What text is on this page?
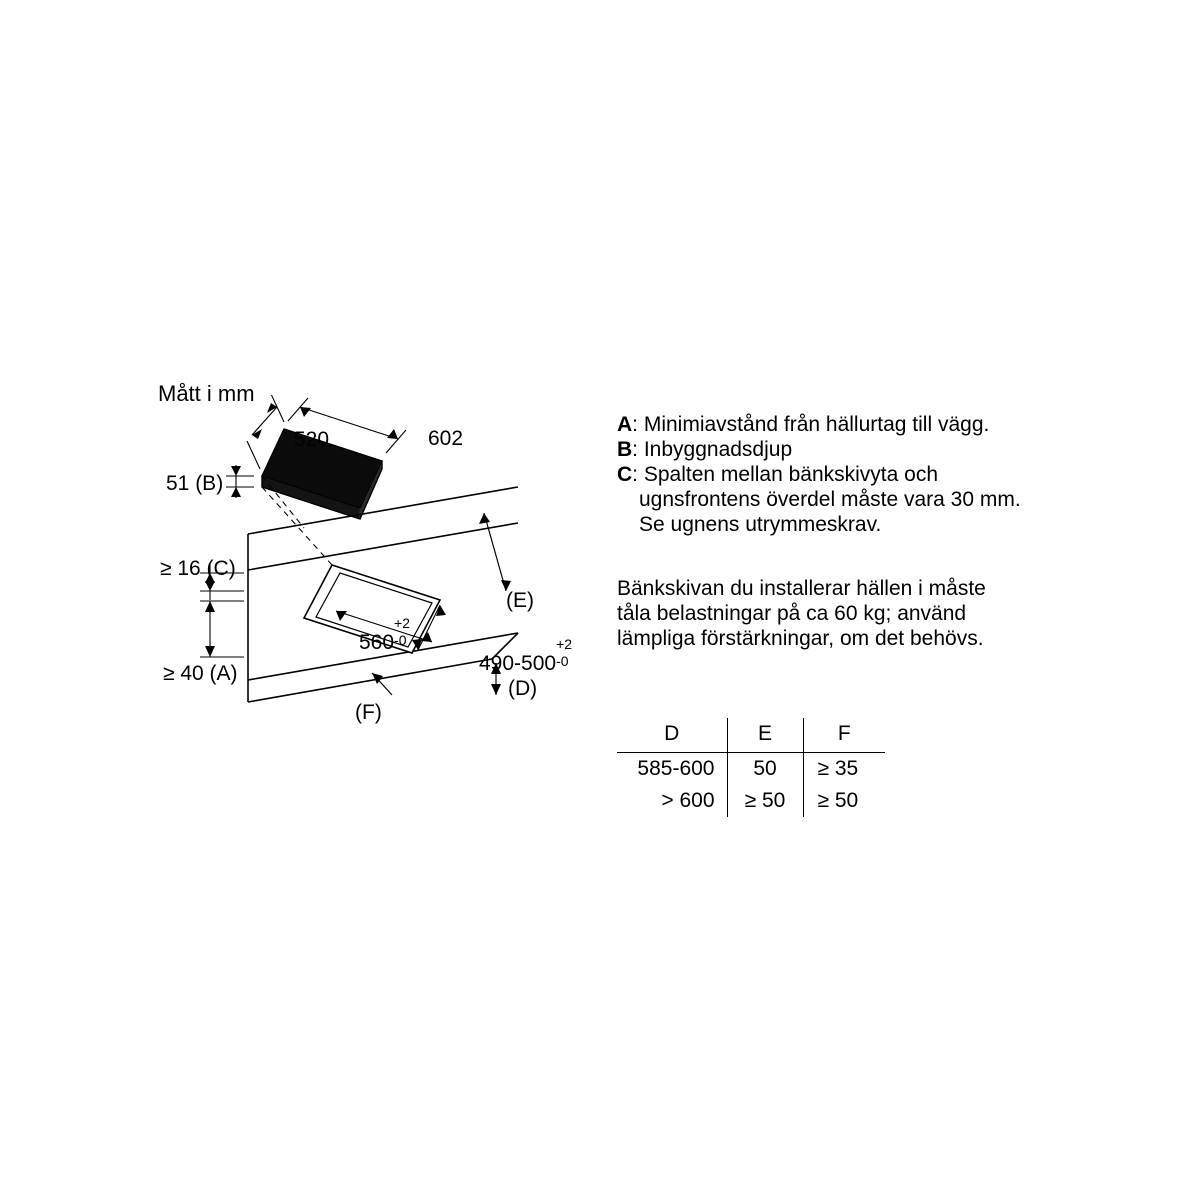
Mått i mm
520	602
51 (B)
≥ 16 (C)
≥ 40 (A)
560
+2
-0
490-500
+2
-0
(E)
(D)
(F)
A: Minimiavstånd från hällurtag till vägg.
B: Inbyggnadsdjup
C: Spalten mellan bänkskivyta och
ugnsfrontens överdel måste vara 30 mm.
Se ugnens utrymmeskrav.
Bänkskivan du installerar hällen i måste
tåla belastningar på ca 60 kg; använd
lämpliga förstärkningar, om det behövs.
D	E	F
585-600	50	≥ 35
> 600	≥ 50	≥ 50
